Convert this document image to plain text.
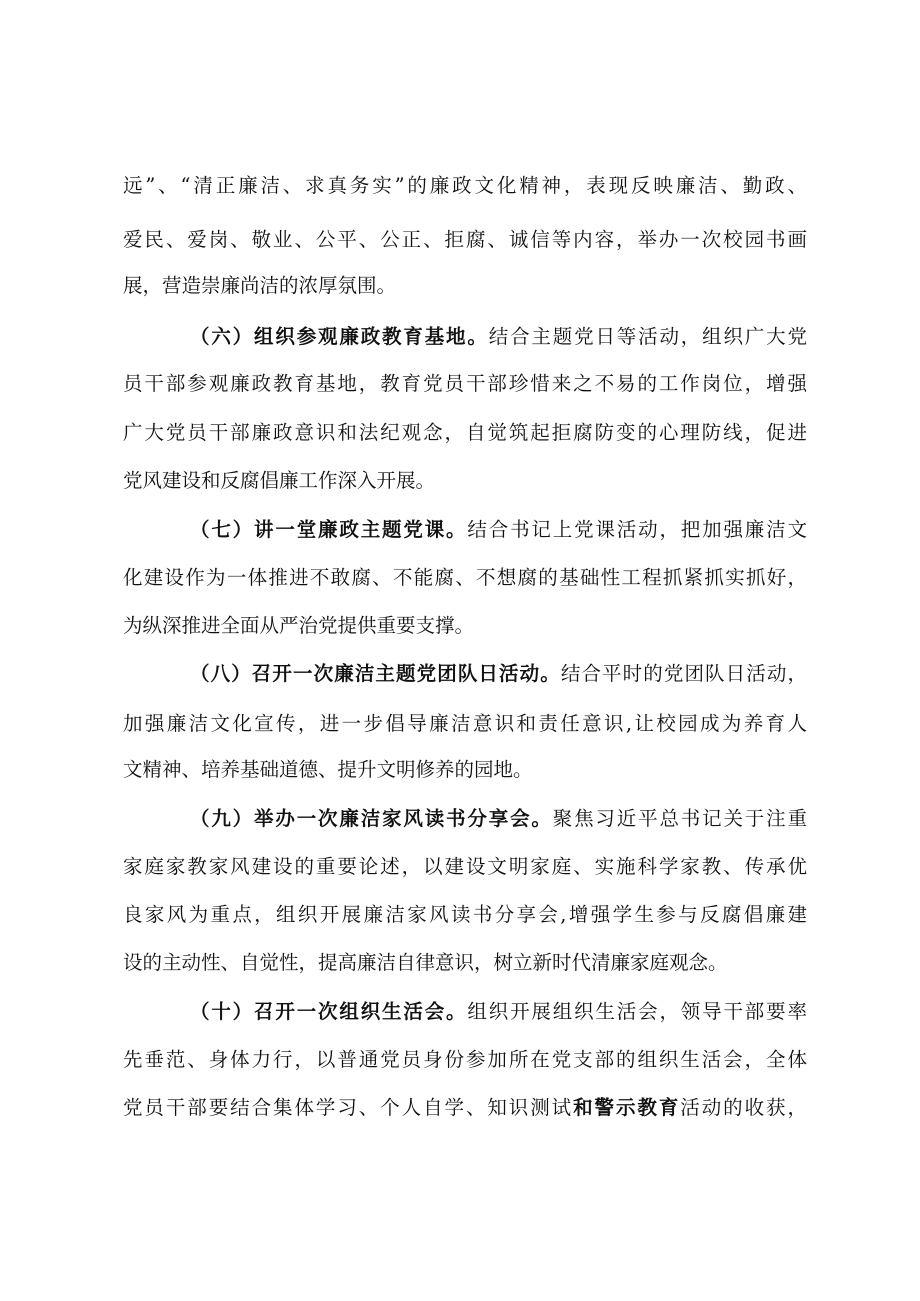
远”、“清正廉洁、求真务实”的廉政文化精神，表现反映廉洁、勤政、
爱民、爱岗、敬业、公平、公正、拒腐、诚信等内容，举办一次校园书画
展，营造崇廉尚洁的浓厚氛围。
（六）组织参观廉政教育基地。结合主题党日等活动，组织广大党
员干部参观廉政教育基地，教育党员干部珍惜来之不易的工作岗位，增强
广大党员干部廉政意识和法纪观念，自觉筑起拒腐防变的心理防线，促进
党风建设和反腐倡廉工作深入开展。
（七）讲一堂廉政主题党课。结合书记上党课活动，把加强廉洁文
化建设作为一体推进不敢腐、不能腐、不想腐的基础性工程抓紧抓实抓好，
为纵深推进全面从严治党提供重要支撑。
（八）召开一次廉洁主题党团队日活动。结合平时的党团队日活动，
加强廉洁文化宣传，进一步倡导廉洁意识和责任意识,让校园成为养育人
文精神、培养基础道德、提升文明修养的园地。
（九）举办一次廉洁家风读书分享会。聚焦习近平总书记关于注重
家庭家教家风建设的重要论述，以建设文明家庭、实施科学家教、传承优
良家风为重点，组织开展廉洁家风读书分享会,增强学生参与反腐倡廉建
设的主动性、自觉性，提高廉洁自律意识，树立新时代清廉家庭观念。
（十）召开一次组织生活会。组织开展组织生活会，领导干部要率
先垂范、身体力行，以普通党员身份参加所在党支部的组织生活会，全体
党员干部要结合集体学习、个人自学、知识测试和警示教育活动的收获，
